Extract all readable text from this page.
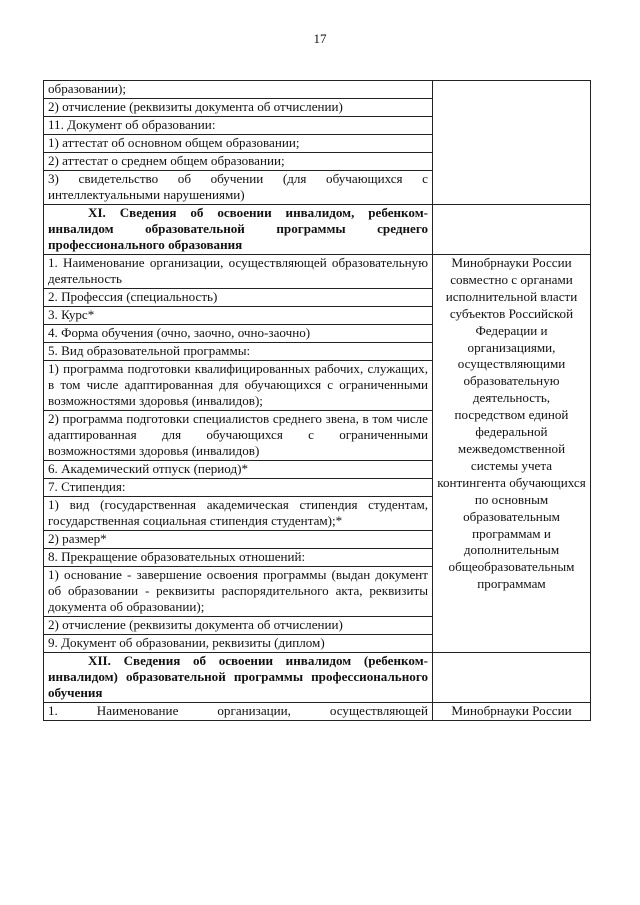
17
образовании);	
2) отчисление (реквизиты документа об отчислении)	
11. Документ об образовании:	
1) аттестат об основном общем образовании;	
2) аттестат о среднем общем образовании;	
3) свидетельство об обучении (для обучающихся с интеллектуальными нарушениями)	
XI. Сведения об освоении инвалидом, ребенком-инвалидом образовательной программы среднего профессионального образования	
1. Наименование организации, осуществляющей образовательную деятельность	Минобрнауки России совместно с органами исполнительной власти субъектов Российской Федерации и организациями, осуществляющими образовательную деятельность, посредством единой федеральной межведомственной системы учета контингента обучающихся по основным образовательным программам и дополнительным общеобразовательным программам
2. Профессия (специальность)	
3. Курс*	
4. Форма обучения (очно, заочно, очно-заочно)	
5. Вид образовательной программы:	
1) программа подготовки квалифицированных рабочих, служащих, в том числе адаптированная для обучающихся с ограниченными возможностями здоровья (инвалидов);	
2) программа подготовки специалистов среднего звена, в том числе адаптированная для обучающихся с ограниченными возможностями здоровья (инвалидов)	
6. Академический отпуск (период)*	
7. Стипендия:	
1) вид (государственная академическая стипендия студентам, государственная социальная стипендия студентам);*	
2) размер*	
8. Прекращение образовательных отношений:	
1) основание - завершение освоения программы (выдан документ об образовании - реквизиты распорядительного акта, реквизиты документа об образовании);	
2) отчисление (реквизиты документа об отчислении)	
9. Документ об образовании, реквизиты (диплом)	
XII. Сведения об освоении инвалидом (ребенком-инвалидом) образовательной программы профессионального обучения	

1. Наименование организации, осуществляющей	Минобрнауки России
